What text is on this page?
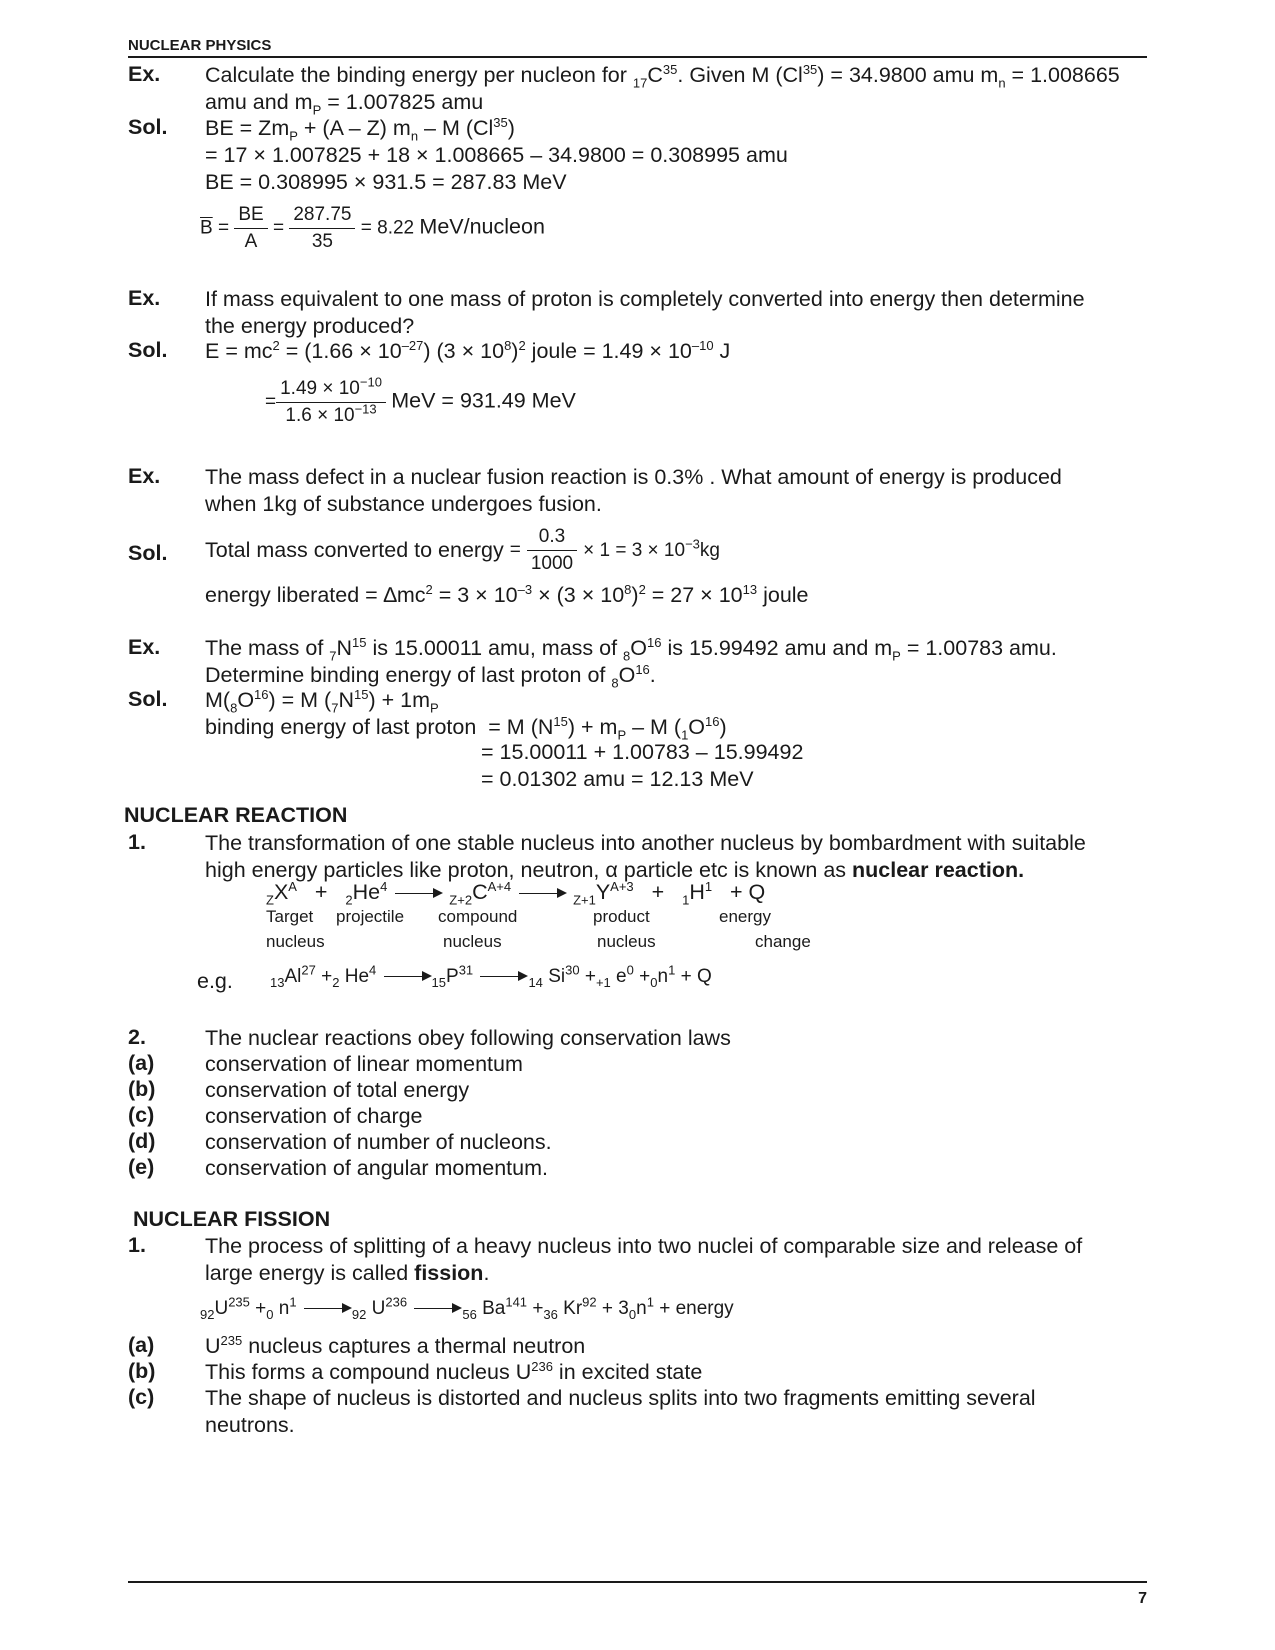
NUCLEAR PHYSICS
Ex. Calculate the binding energy per nucleon for $_{17}C^{35}$. Given M $(Cl^{35}) = 34.9800$ amu $m_n = 1.008665$
amu and $m_P = 1.007825$ amu
Sol. BE = $Zm_P + (A - Z)$ $m_n$ – M $(Cl^{35})$
= 17 × 1.007825 + 18 × 1.008665 – 34.9800 = 0.308995 amu
BE = 0.308995 × 931.5 = 287.83 MeV
$\overline{B} = \frac{BE}{A} = \frac{287.75}{35} = 8.22$ MeV/nucleon
Ex. If mass equivalent to one mass of proton is completely converted into energy then determine
the energy produced?
Sol. $E = mc^2 = (1.66 \times 10^{-27}) (3 \times 10^8)^2$ joule = $1.49 \times 10^{-10}$ J
= $\frac{1.49 \times 10^{-10}}{1.6 \times 10^{-13}}$ MeV = 931.49 MeV
Ex. The mass defect in a nuclear fusion reaction is 0.3% . What amount of energy is produced
when 1kg of substance undergoes fusion.
Sol. Total mass converted to energy = $\frac{0.3}{1000} \times 1 = 3 \times 10^{-3}kg$
energy liberated = $\Delta mc^2 = 3 \times 10^{-3} \times (3 \times 10^8)^2 = 27 \times 10^{13}$ joule
Ex. The mass of $_7N^{15}$ is 15.00011 amu, mass of $_8O^{16}$ is 15.99492 amu and $m_P = 1.00783$ amu.
Determine binding energy of last proton of $_8O^{16}$.
Sol. $M(_8O^{16}) = M$ $(_7N^{15}) + 1m_P$
binding energy of last proton = M $(N^{15}) + m_P - M$ $(_1O^{16})$
= 15.00011 + 1.00783 – 15.99492
= 0.01302 amu = 12.13 MeV
NUCLEAR REACTION
1.	The transformation of one stable nucleus into another nucleus by bombardment with suitable
high energy particles like proton, neutron, α particle etc is known as nuclear reaction.
$_ZX^A + _2He^4$  $_{Z+2}C^{A+4}$  $_{Z+1}Y^{A+3} + _1H^1 + Q$
Target projectile compound	product	energy
nucleus	nucleus	nucleus	change
e.g.	$_{13}Al^{27} +_2$ He$^4$ $_{15}P^{31}$ $_{14}$ $Si^{30} +_{+1}$ $e^0 +_0n^1 + Q$
2.	The nuclear reactions obey following conservation laws
(a) conservation of linear momentum
(b) conservation of total energy
(c) conservation of charge
(d) conservation of number of nucleons.
(e) conservation of angular momentum.
NUCLEAR FISSION
1.	The process of splitting of a heavy nucleus into two nuclei of comparable size and release of
large energy is called fission.
$_{92}U^{235} +_0$ $n^1$ $_{92}$ $U^{236}$ $_{56}$ $Ba^{141} +_{36}$ $Kr^{92} + 3_0n^1$ + energy
(a) $U^{235}$ nucleus captures a thermal neutron
(b) This forms a compound nucleus $U^{236}$ in excited state
(c) The shape of nucleus is distorted and nucleus splits into two fragments emitting several
neutrons.
7
